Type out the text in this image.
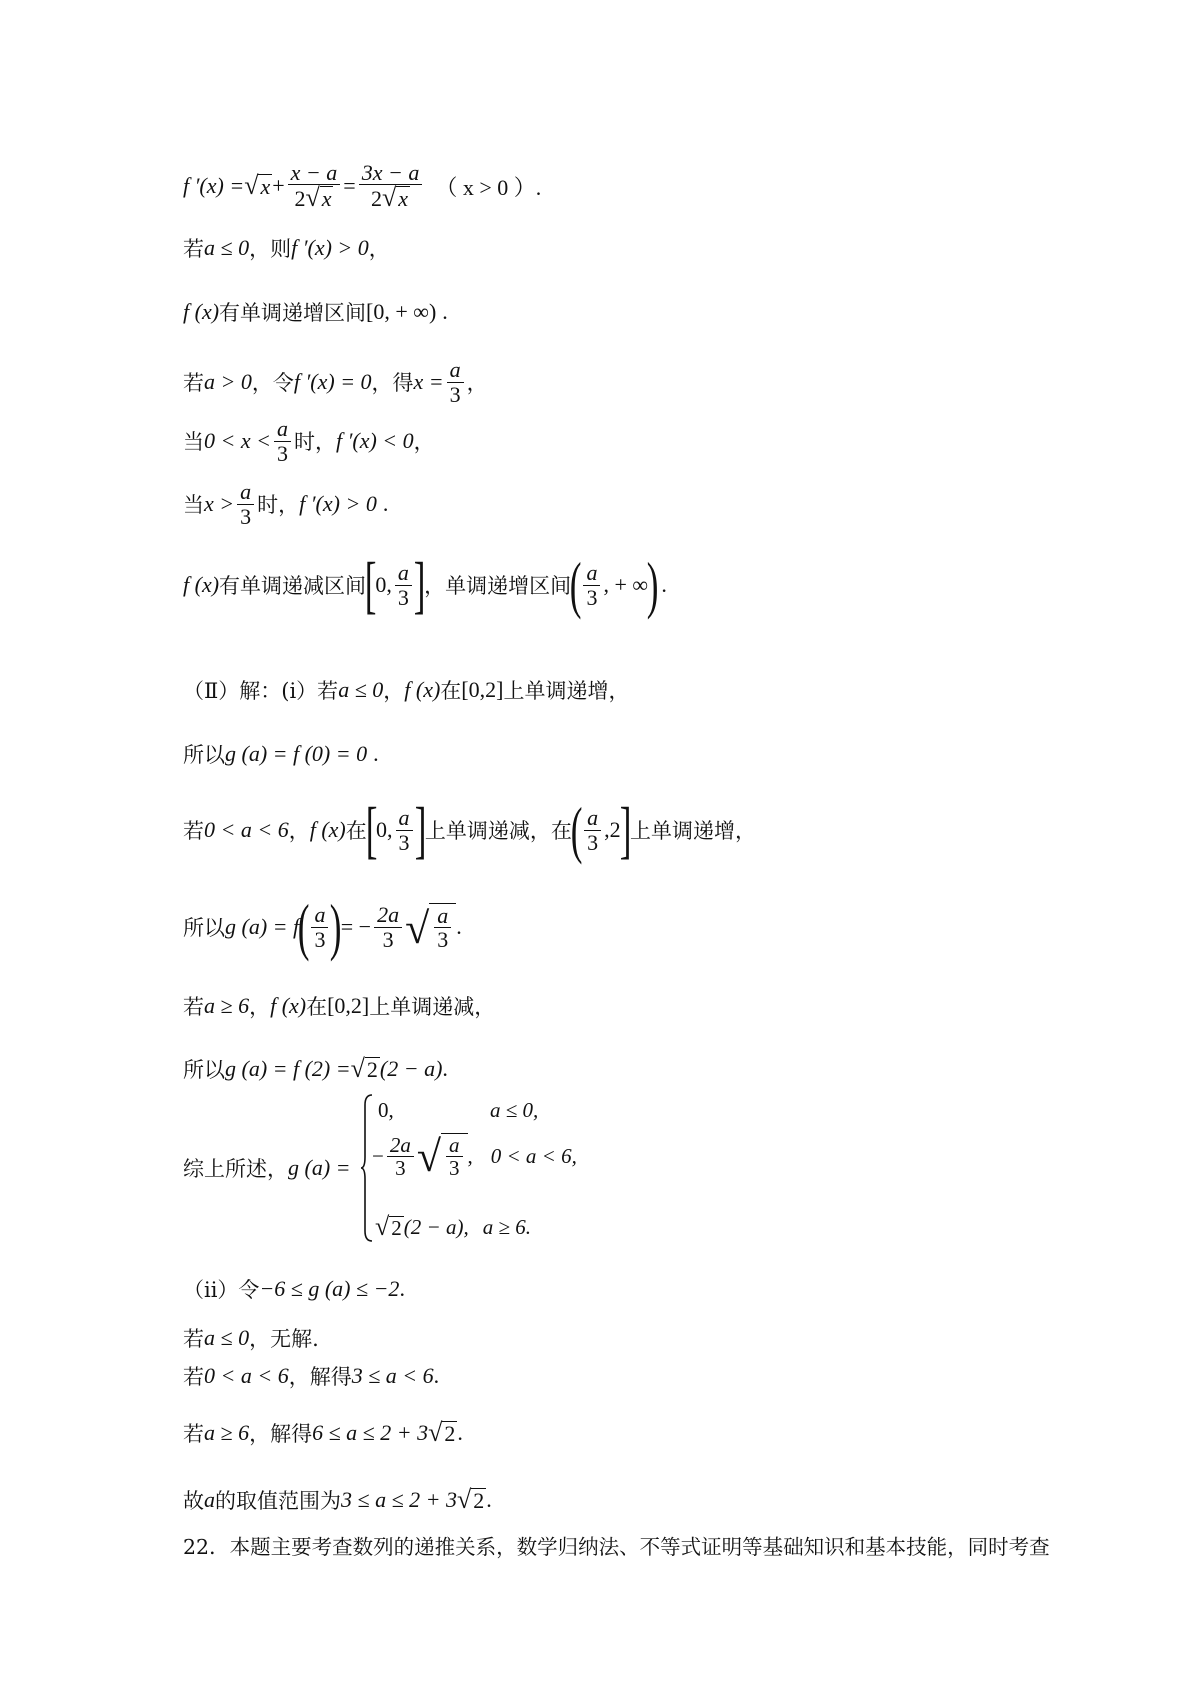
f ′(x) = √ $x + \frac{x - a}{2 √ x} = \frac{3x - a}{2 √ x}$ （ x > 0 ）.
若 a ≤ 0 ，则 f ′(x) > 0 ，
f (x) 有单调递增区间 [0, + ∞) .
若 a > 0 ，令 f ′(x) = 0 ，得 $x = \frac{a}{3}$ ，
当 $0 < x < \frac{a}{3}$ 时， f ′(x) < 0 ，
当 $x > \frac{a}{3}$ 时， f ′(x) > 0 .
f (x) 有单调递减区间
[
0, $\frac{a}{3}$ ]
，单调递增区间
( $\frac{a}{3}$ , + ∞
) .
（Ⅱ）解：(i）若 a ≤ 0 ， f (x) 在 [0,2] 上单调递增，
所以 g (a) = f (0) = 0 .
若 0 < a < 6 ， f (x) 在
[
0, $\frac{a}{3}$ ]
上单调递减，在
( $\frac{a}{3} ,2$
]
上单调递增，
所以 g (a) = f
( $\frac{a}{3}$ )
= − $\frac{2a}{3}$ √ $\frac{a}{3}$ .
若 a ≥ 6 ， f (x) 在 [0,2] 上单调递减，
所以 g (a) = f (2) = √ 2 (2 − a) .
综上所述， g (a) =
0,	a ≤ 0,
− $\frac{2a}{3}$ √ $\frac{a}{3}$ , 0 < a < 6,
√ 2 (2 − a), a ≥ 6.
（ii）令 −6 ≤ g (a) ≤ −2 .
若 a ≤ 0 ，无解.
若 0 < a < 6 ，解得 3 ≤ a < 6 .
若 a ≥ 6 ，解得 6 ≤ a ≤ 2 + 3 √ 2 .
故 a 的取值范围为 3 ≤ a ≤ 2 + 3 √ 2 .
22．本题主要考查数列的递推关系，数学归纳法、不等式证明等基础知识和基本技能，同时考查
